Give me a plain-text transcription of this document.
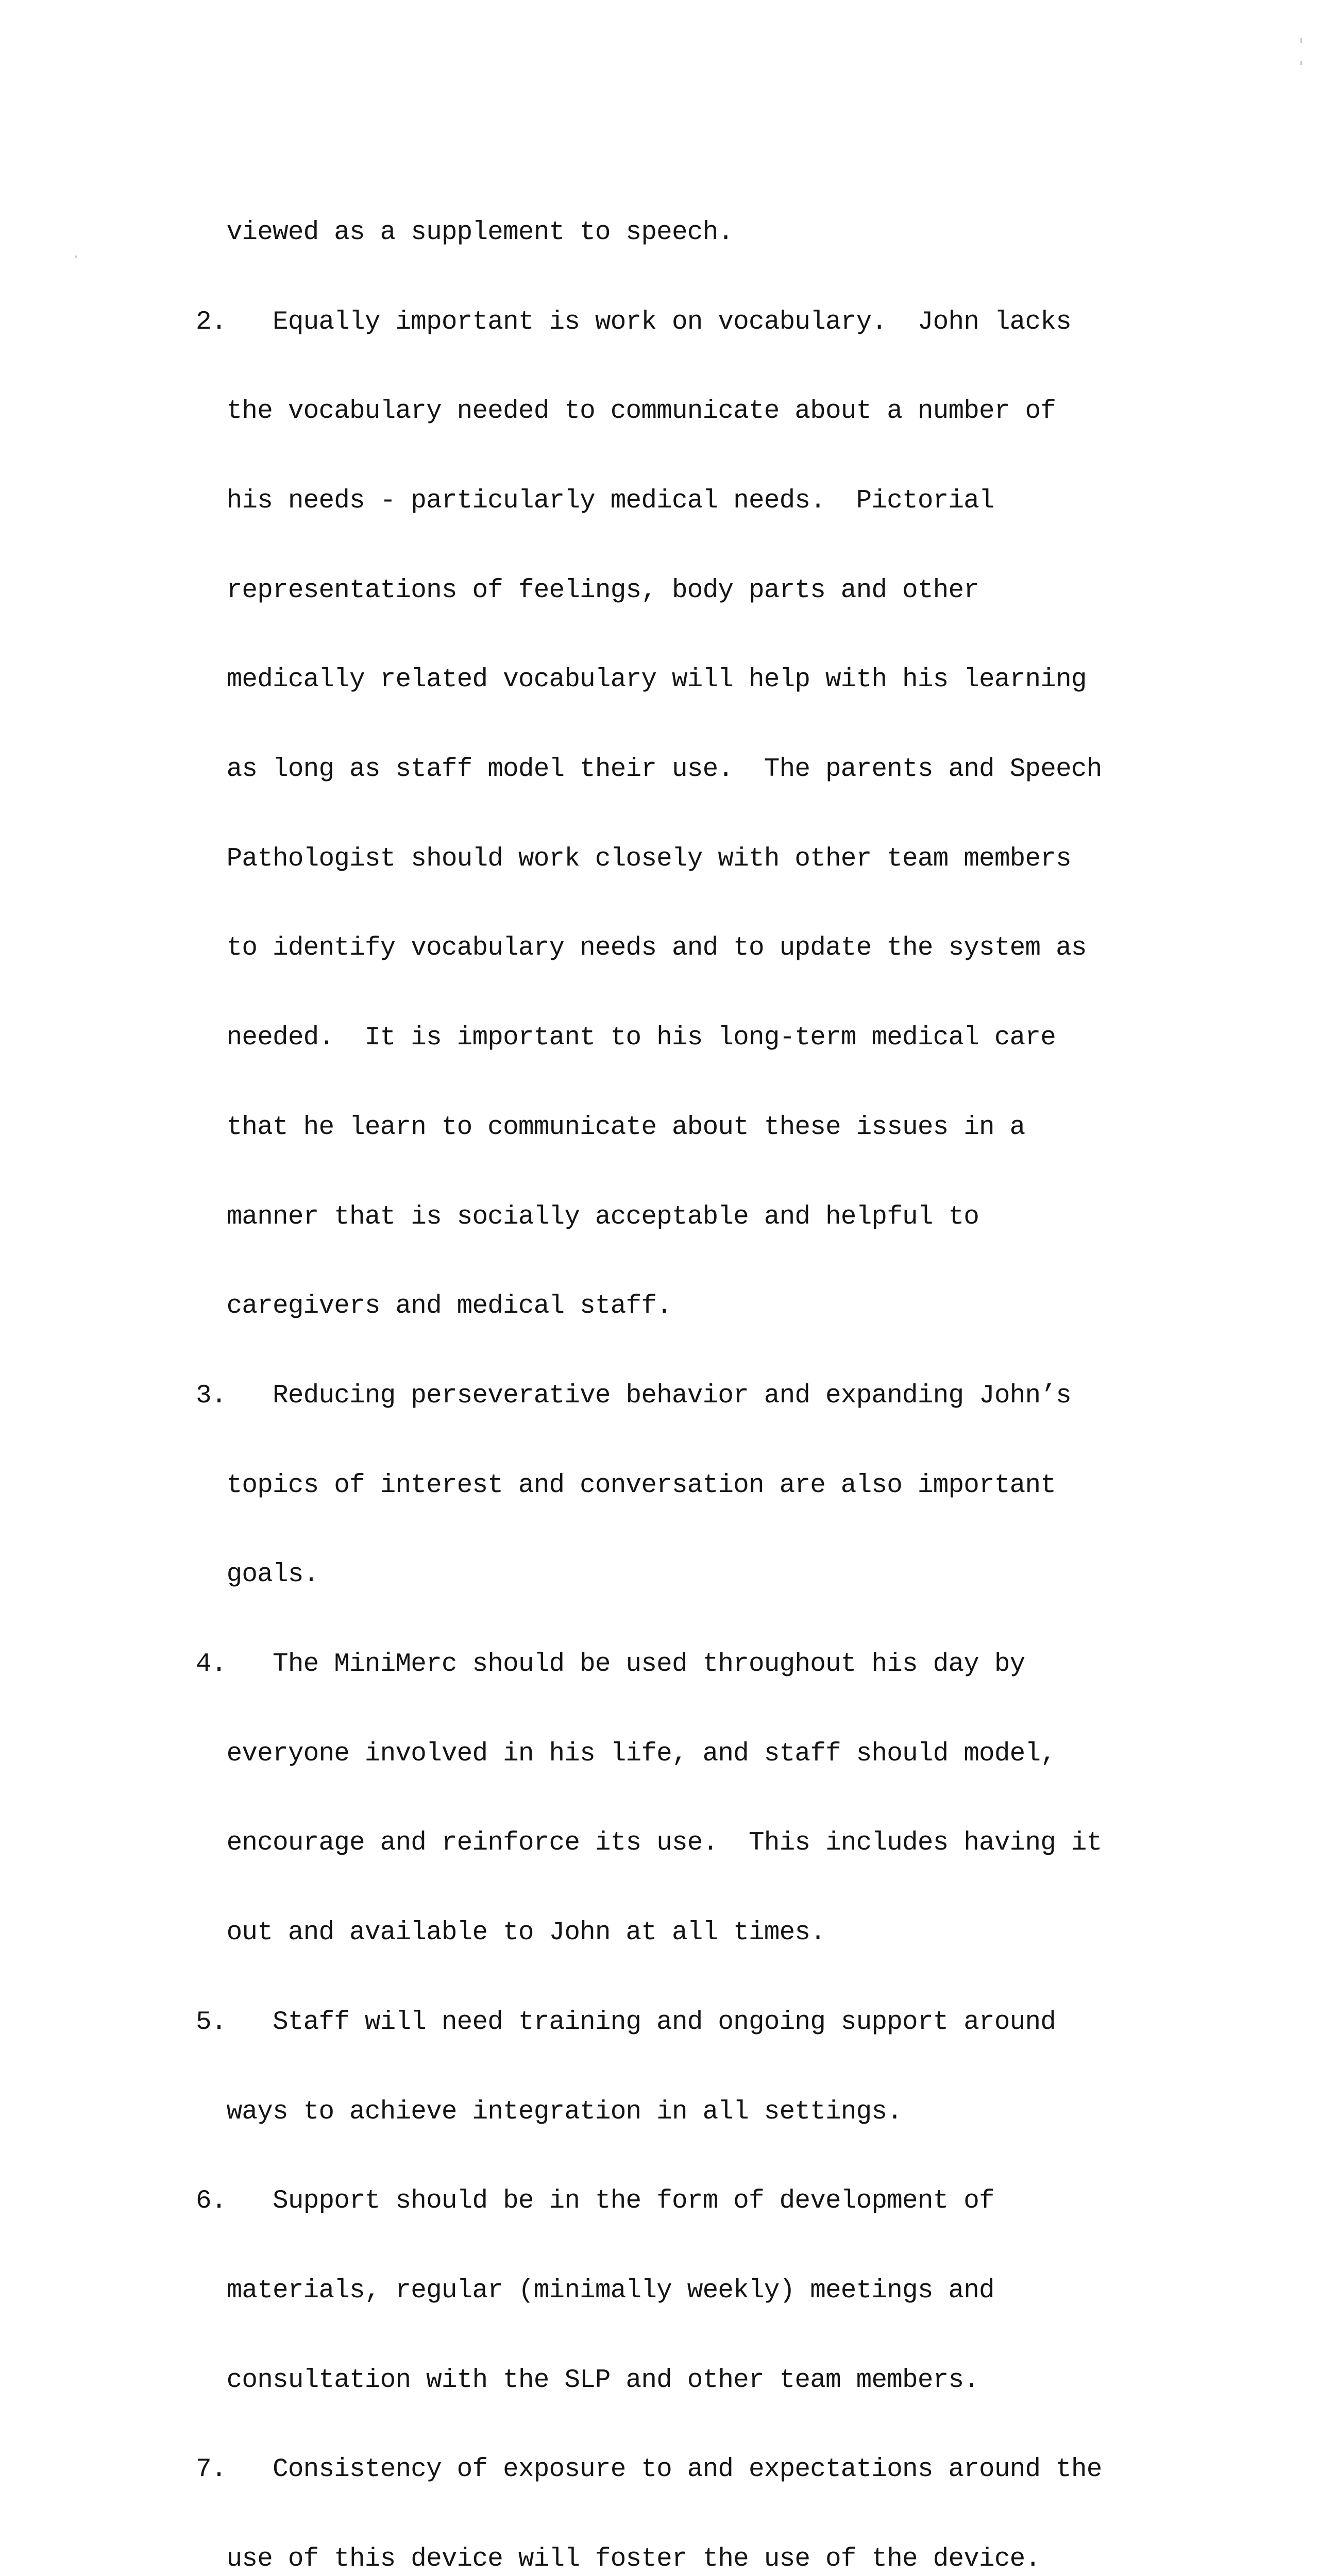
viewed as a supplement to speech.

2.   Equally important is work on vocabulary.  John lacks

the vocabulary needed to communicate about a number of

his needs - particularly medical needs.  Pictorial

representations of feelings, body parts and other

medically related vocabulary will help with his learning

as long as staff model their use.  The parents and Speech

Pathologist should work closely with other team members

to identify vocabulary needs and to update the system as

needed.  It is important to his long-term medical care

that he learn to communicate about these issues in a

manner that is socially acceptable and helpful to

caregivers and medical staff.

3.   Reducing perseverative behavior and expanding John’s

topics of interest and conversation are also important

goals.

4.   The MiniMerc should be used throughout his day by

everyone involved in his life, and staff should model,

encourage and reinforce its use.  This includes having it

out and available to John at all times.

5.   Staff will need training and ongoing support around

ways to achieve integration in all settings.

6.   Support should be in the form of development of

materials, regular (minimally weekly) meetings and

consultation with the SLP and other team members.

7.   Consistency of exposure to and expectations around the

use of this device will foster the use of the device.
